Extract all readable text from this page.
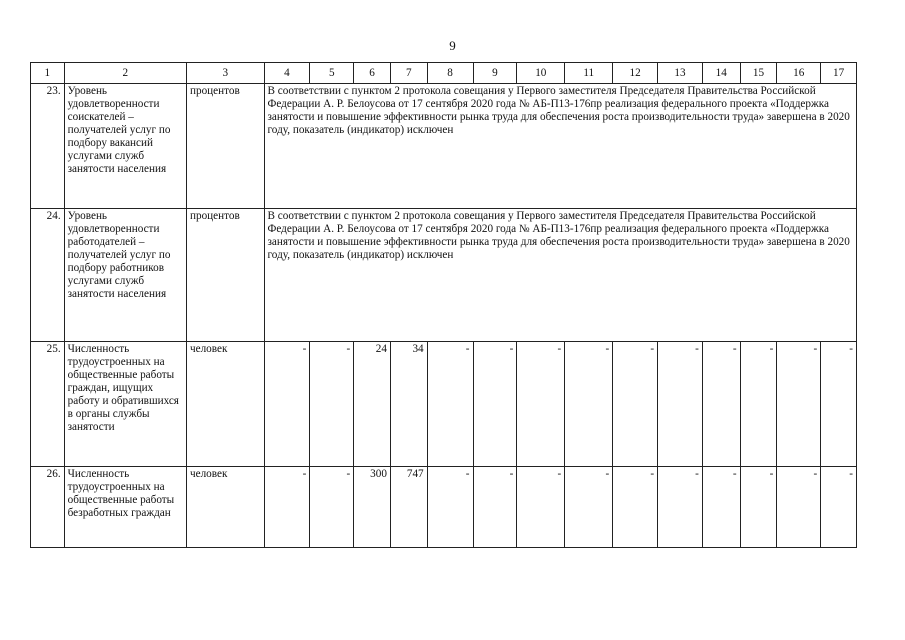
9
1	2	3	4	5	6	7	8	9	10	11	12	13	14	15	16	17
23.	Уровень удовлетворенности соискателей – получателей услуг по подбору вакансий услугами служб занятости населения	процентов	В соответствии с пунктом 2 протокола совещания у Первого заместителя Председателя Правительства Российской Федерации А. Р. Белоусова от 17 сентября 2020 года № АБ-П13-176пр реализация федерального проекта «Поддержка занятости и повышение эффективности рынка труда для обеспечения роста производительности труда» завершена в 2020 году, показатель (индикатор) исключен													
24.	Уровень удовлетворенности работодателей – получателей услуг по подбору работников услугами служб занятости населения	процентов	В соответствии с пунктом 2 протокола совещания у Первого заместителя Председателя Правительства Российской Федерации А. Р. Белоусова от 17 сентября 2020 года № АБ-П13-176пр реализация федерального проекта «Поддержка занятости и повышение эффективности рынка труда для обеспечения роста производительности труда» завершена в 2020 году, показатель (индикатор) исключен													
25.	Численность трудоустроенных на общественные работы граждан, ищущих работу и обратившихся в органы службы занятости	человек	-	-	24	34	-	-	-	-	-	-	-	-	-	-
26.	Численность трудоустроенных на общественные работы безработных граждан	человек	-	-	300	747	-	-	-	-	-	-	-	-	-	-
